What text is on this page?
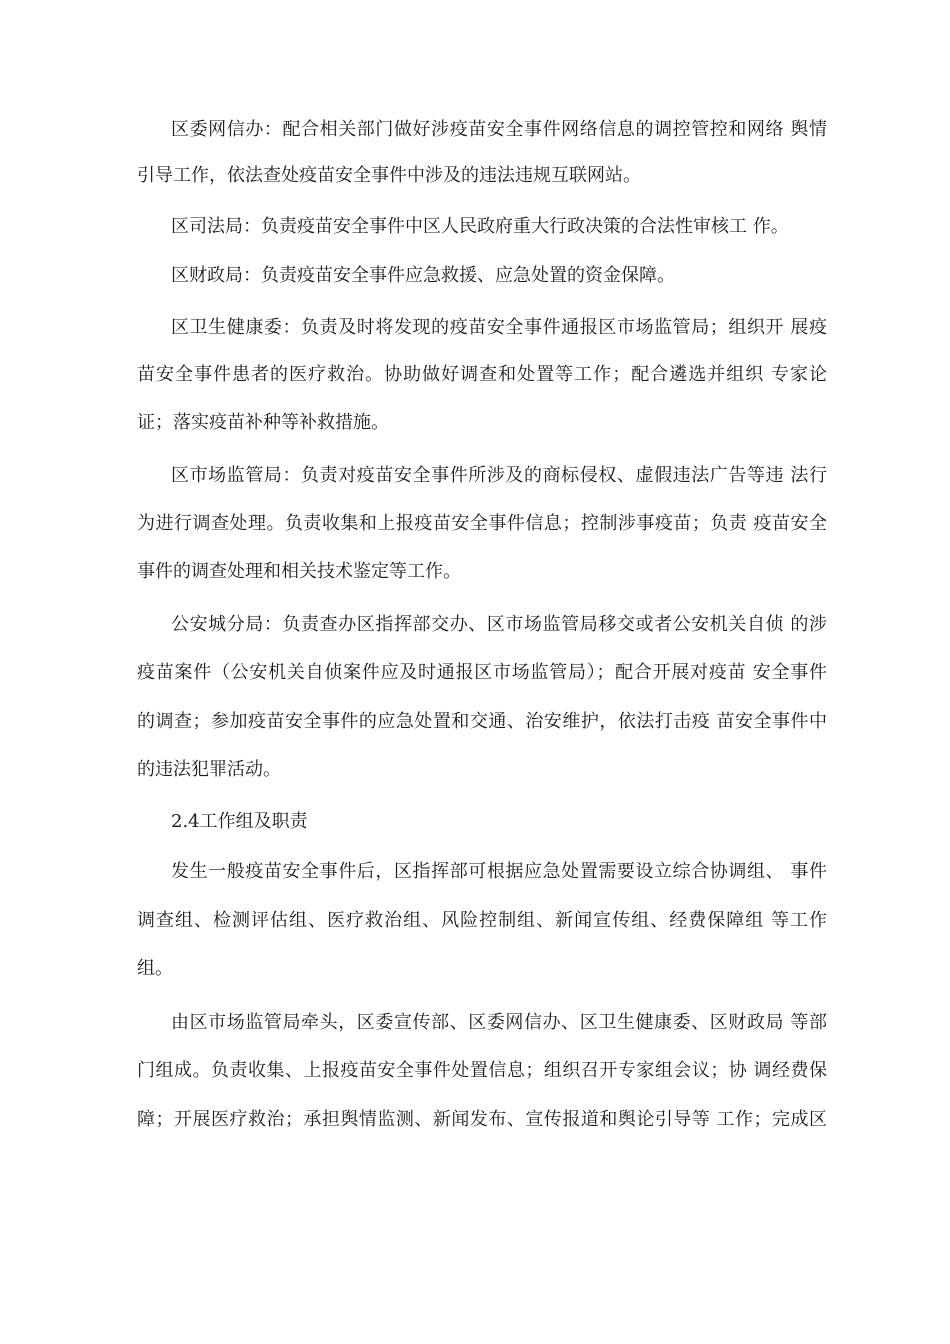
区委网信办：配合相关部门做好涉疫苗安全事件网络信息的调控管控和网络 舆情
引导工作，依法查处疫苗安全事件中涉及的违法违规互联网站。
区司法局：负责疫苗安全事件中区人民政府重大行政决策的合法性审核工 作。
区财政局：负责疫苗安全事件应急救援、应急处置的资金保障。
区卫生健康委：负责及时将发现的疫苗安全事件通报区市场监管局；组织开 展疫
苗安全事件患者的医疗救治。协助做好调查和处置等工作；配合遴选并组织 专家论
证；落实疫苗补种等补救措施。
区市场监管局：负责对疫苗安全事件所涉及的商标侵权、虚假违法广告等违 法行
为进行调查处理。负责收集和上报疫苗安全事件信息；控制涉事疫苗；负责 疫苗安全
事件的调查处理和相关技术鉴定等工作。
公安城分局：负责查办区指挥部交办、区市场监管局移交或者公安机关自侦 的涉
疫苗案件（公安机关自侦案件应及时通报区市场监管局）；配合开展对疫苗 安全事件
的调查；参加疫苗安全事件的应急处置和交通、治安维护，依法打击疫 苗安全事件中
的违法犯罪活动。
2.4工作组及职责
发生一般疫苗安全事件后，区指挥部可根据应急处置需要设立综合协调组、 事件
调查组、检测评估组、医疗救治组、风险控制组、新闻宣传组、经费保障组 等工作
组。
由区市场监管局牵头，区委宣传部、区委网信办、区卫生健康委、区财政局 等部
门组成。负责收集、上报疫苗安全事件处置信息；组织召开专家组会议；协 调经费保
障；开展医疗救治；承担舆情监测、新闻发布、宣传报道和舆论引导等 工作；完成区
